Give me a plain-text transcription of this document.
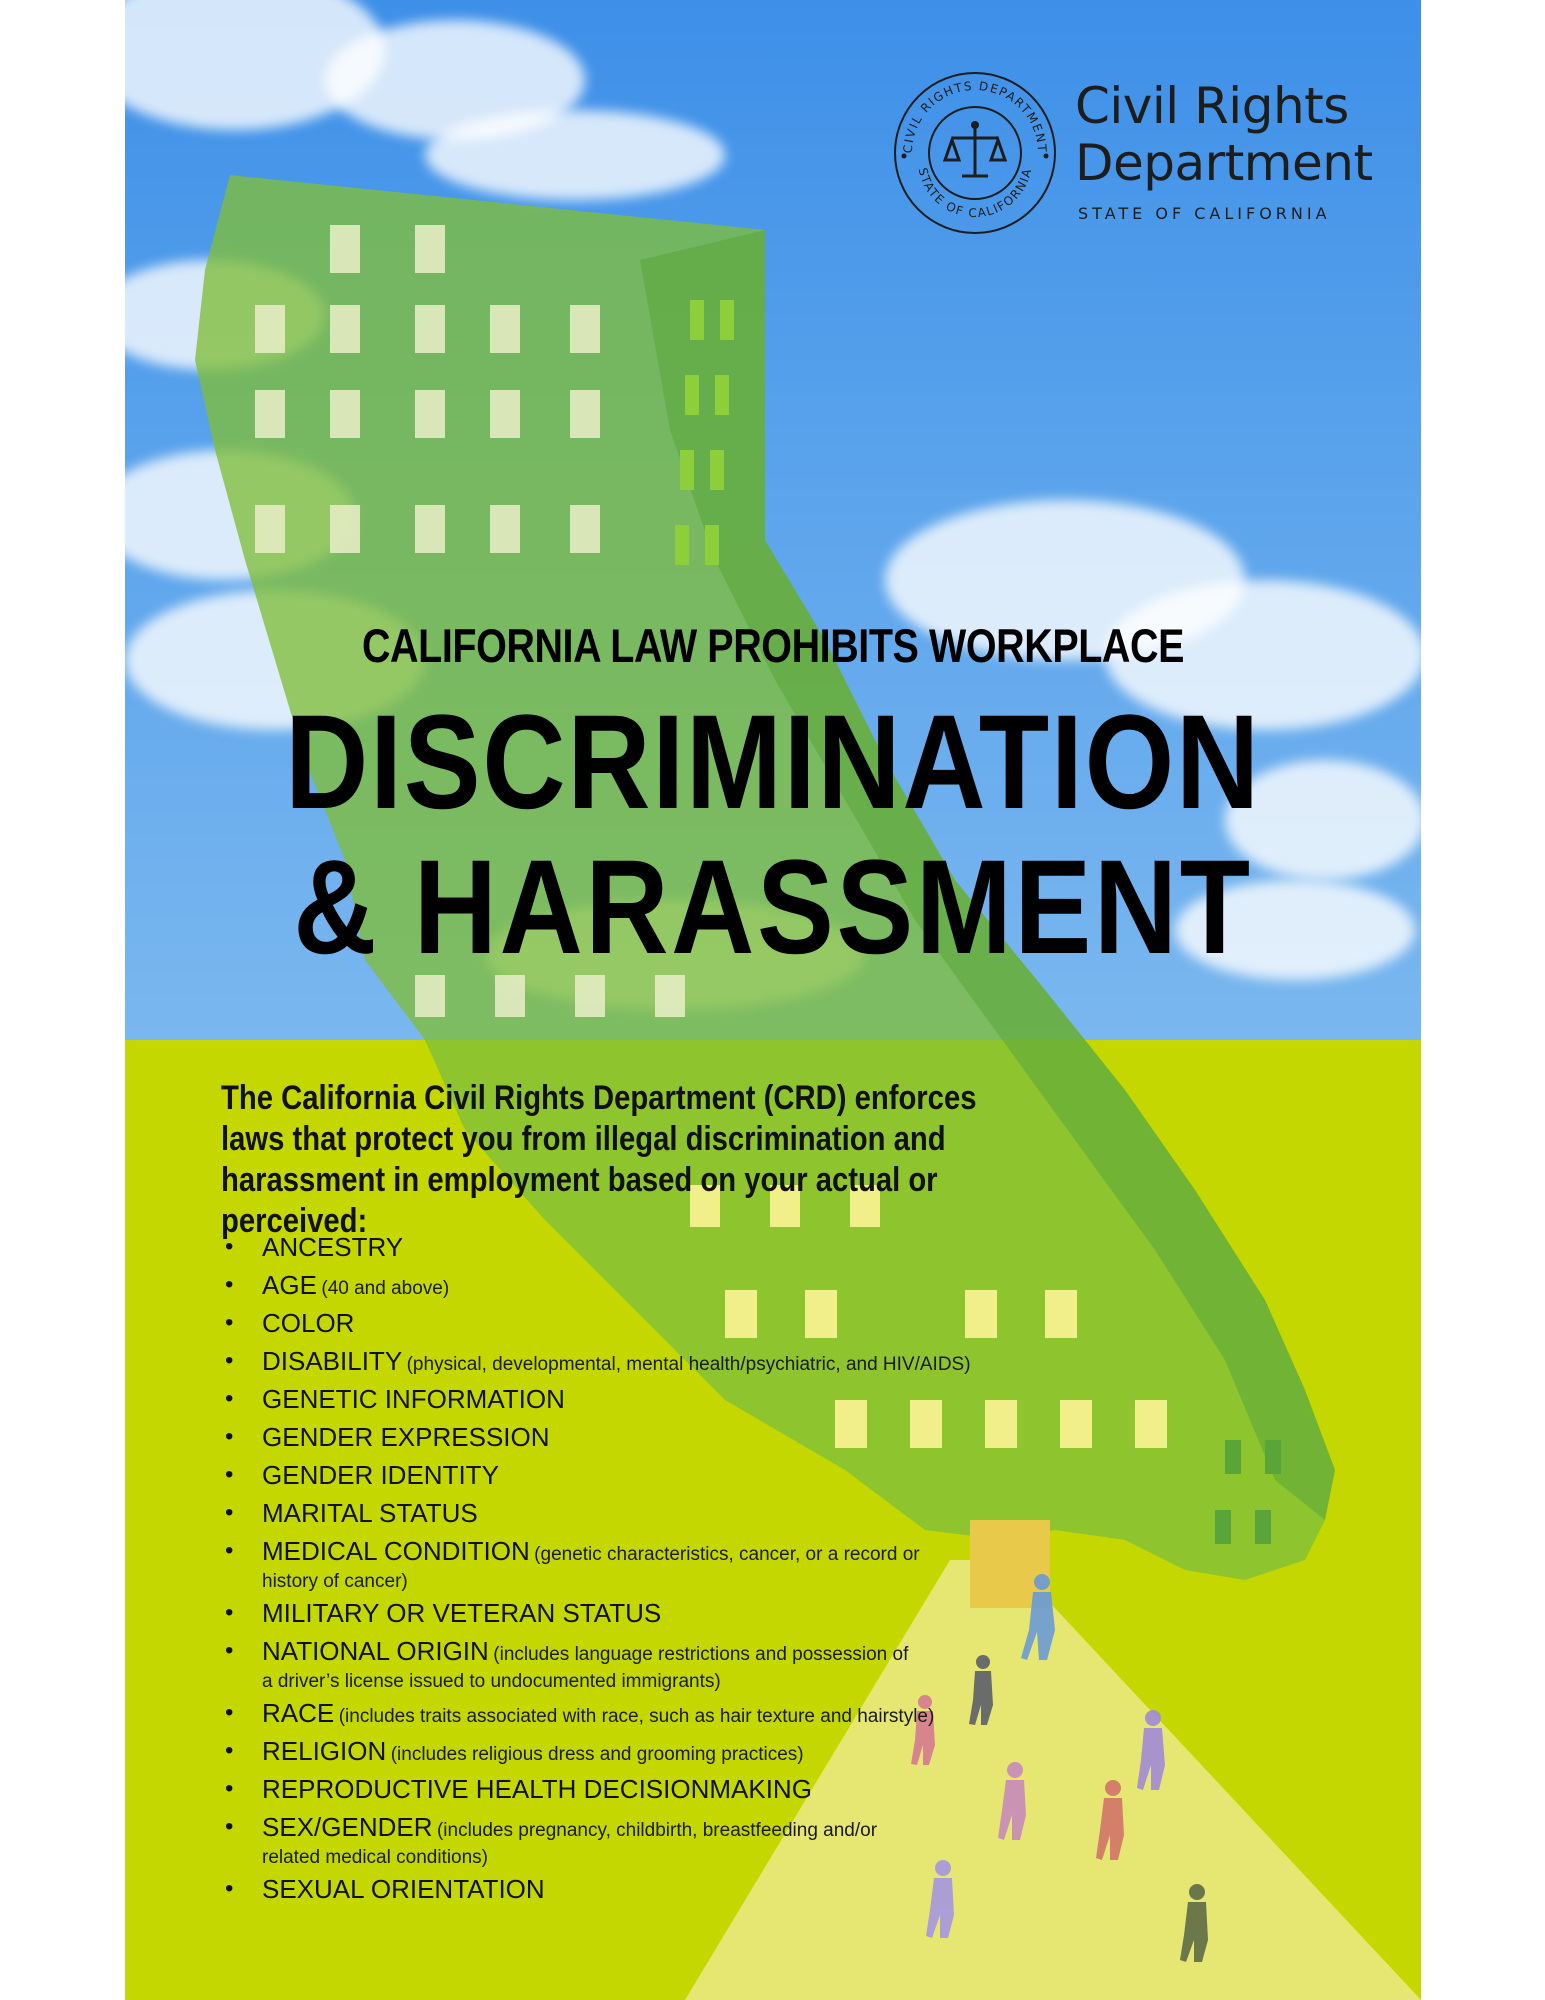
CIVIL RIGHTS DEPARTMENT
STATE OF CALIFORNIA
Civil Rights Department
STATE OF CALIFORNIA
CALIFORNIA LAW PROHIBITS WORKPLACE
DISCRIMINATION
& HARASSMENT
The California Civil Rights Department (CRD) enforces laws that protect you from illegal discrimination and harassment in employment based on your actual or perceived:
• ANCESTRY
• AGE (40 and above)
• COLOR
• DISABILITY (physical, developmental, mental health/psychiatric, and HIV/AIDS)
• GENETIC INFORMATION
• GENDER EXPRESSION
• GENDER IDENTITY
• MARITAL STATUS
• MEDICAL CONDITION (genetic characteristics, cancer, or a record or history of cancer)
• MILITARY OR VETERAN STATUS
• NATIONAL ORIGIN (includes language restrictions and possession of a driver’s license issued to undocumented immigrants)
• RACE (includes traits associated with race, such as hair texture and hairstyle)
• RELIGION (includes religious dress and grooming practices)
• REPRODUCTIVE HEALTH DECISIONMAKING
• SEX/GENDER (includes pregnancy, childbirth, breastfeeding and/or related medical conditions)
• SEXUAL ORIENTATION
